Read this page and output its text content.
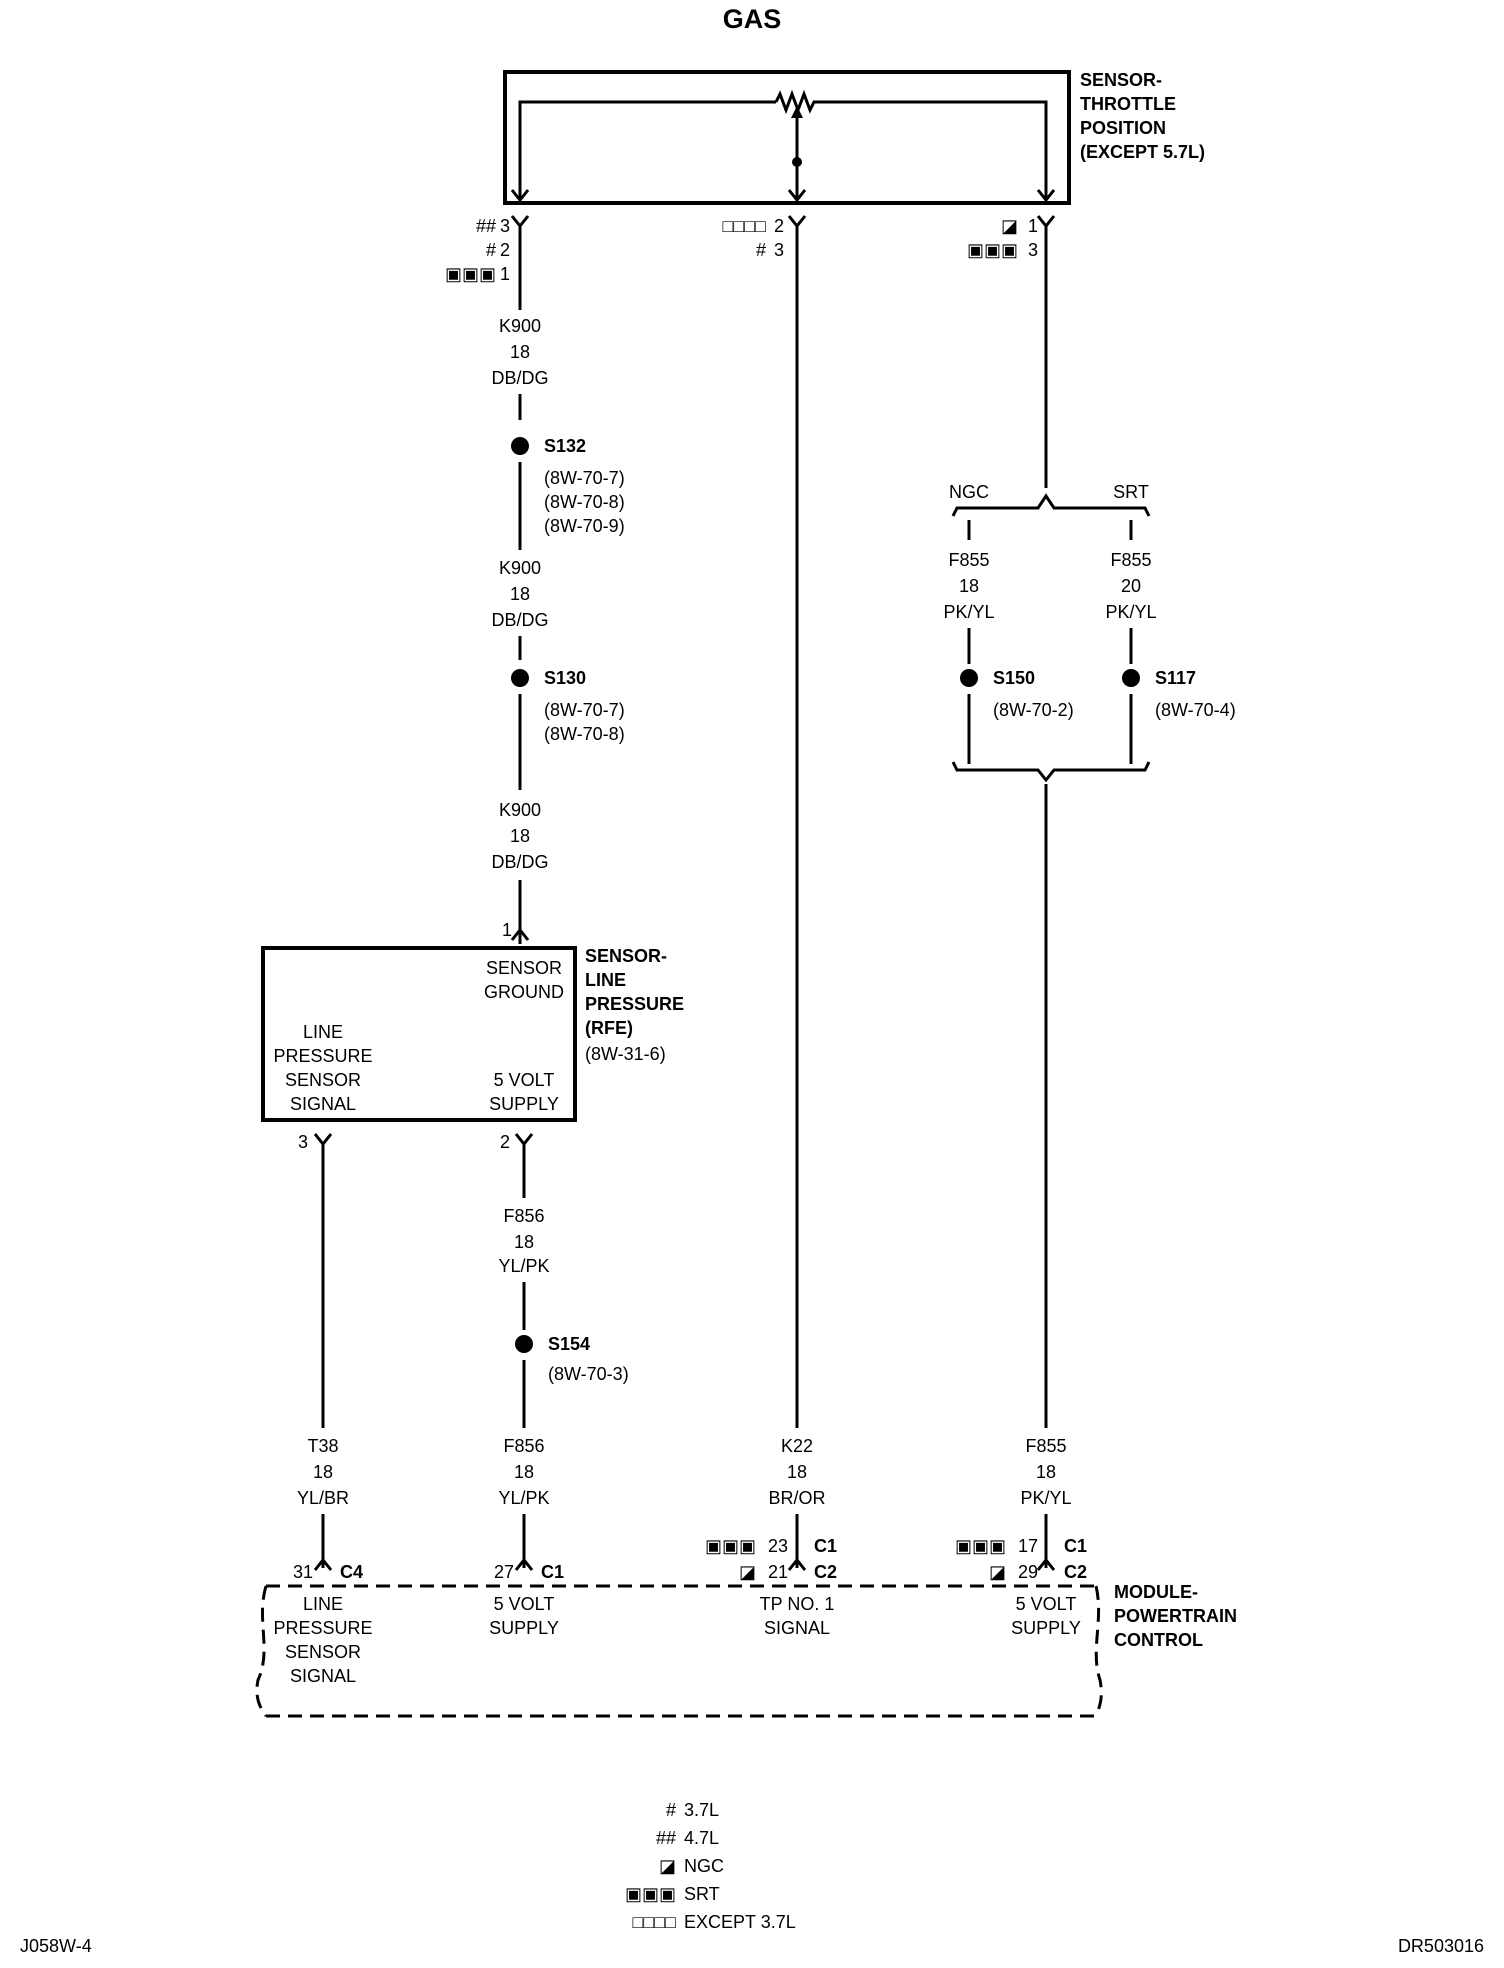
GAS
SENSOR-
THROTTLE
POSITION
(EXCEPT 5.7L)
## 3
# 2
▣▣▣ 1
□□□□ 2
# 3
◪ 1
▣▣▣ 3
K900
18
DB/DG
S132
(8W-70-7)
(8W-70-8)
(8W-70-9)
K900
18
DB/DG
S130
(8W-70-7)
(8W-70-8)
K900
18
DB/DG
1
SENSOR
GROUND
LINE
PRESSURE
SENSOR
SIGNAL
5 VOLT
SUPPLY
SENSOR-
LINE
PRESSURE
(RFE)
(8W-31-6)
3	2
T38
18
YL/BR
F856
18
YL/PK
S154
(8W-70-3)
F856
18
YL/PK
K22
18
BR/OR
NGC	SRT
F855
18
PK/YL
S150
(8W-70-2)
F855
20
PK/YL
S117
(8W-70-4)
F855
18
PK/YL
31 C4	27 C1
▣▣▣ 23 C1
◪ 21 C2
▣▣▣ 17 C1
◪ 29 C2
LINE
PRESSURE
SENSOR
SIGNAL
5 VOLT
SUPPLY
TP NO. 1
SIGNAL
5 VOLT
SUPPLY
MODULE-
POWERTRAIN
CONTROL
# 3.7L
## 4.7L
◪ NGC
▣▣▣ SRT
□□□□ EXCEPT 3.7L
J058W-4	DR503016
